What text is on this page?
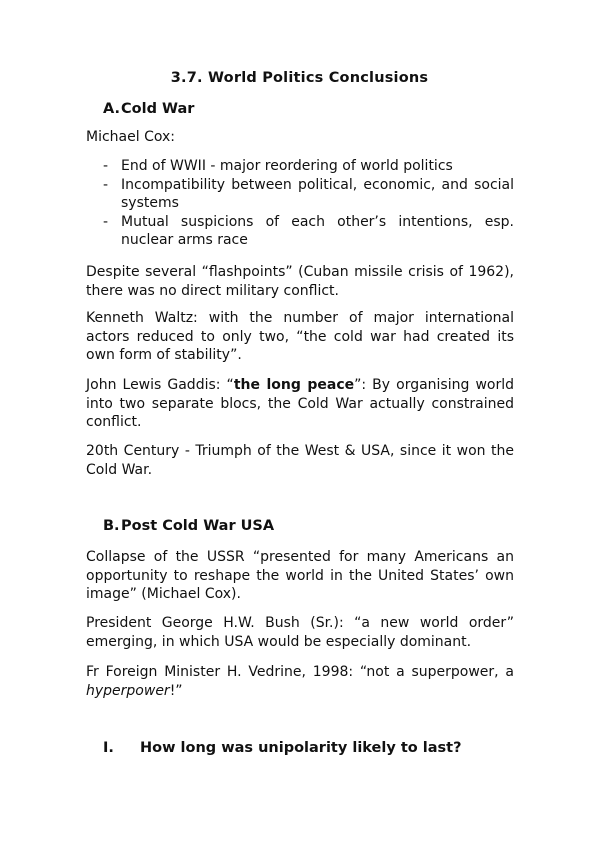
3.7. World Politics Conclusions
A.Cold War
Michael Cox:
- End of WWII - major reordering of world politics
- Incompatibility between political, economic, and social systems
- Mutual suspicions of each other’s intentions, esp. nuclear arms race
Despite several “flashpoints” (Cuban missile crisis of 1962), there was no direct military conflict.
Kenneth Waltz: with the number of major international actors reduced to only two, “the cold war had created its own form of stability”.
John Lewis Gaddis: “the long peace”: By organising world into two separate blocs, the Cold War actually constrained conflict.
20th Century - Triumph of the West & USA, since it won the Cold War.
B.Post Cold War USA
Collapse of the USSR “presented for many Americans an opportunity to reshape the world in the United States’ own image” (Michael Cox).
President George H.W. Bush (Sr.): “a new world order” emerging, in which USA would be especially dominant.
Fr Foreign Minister H. Vedrine, 1998: “not a superpower, a hyperpower!”
I. How long was unipolarity likely to last?
